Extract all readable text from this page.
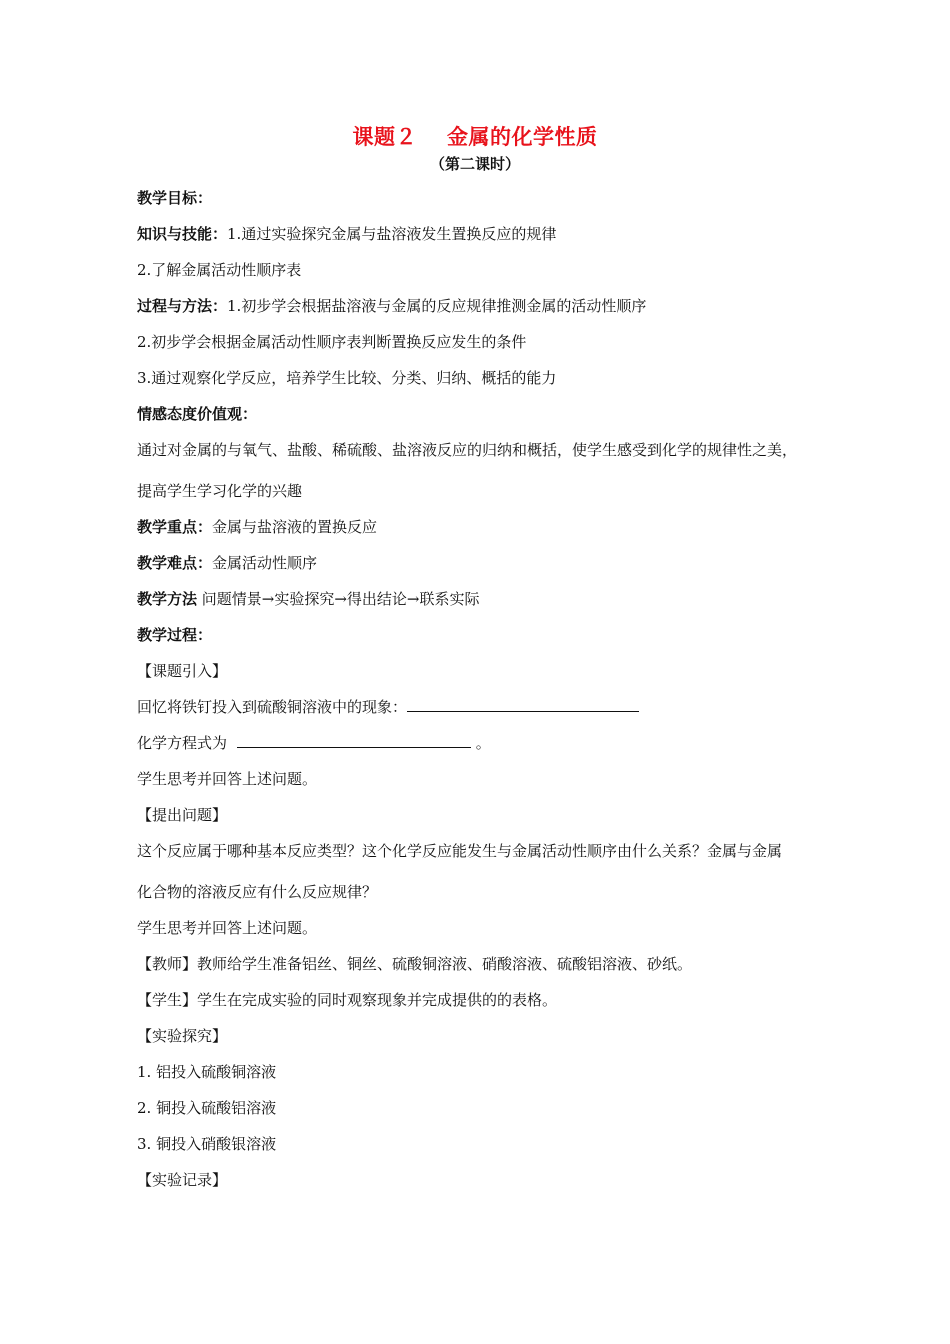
课题２ 金属的化学性质
（第二课时）
教学目标：
知识与技能：1.通过实验探究金属与盐溶液发生置换反应的规律
2.了解金属活动性顺序表
过程与方法：1.初步学会根据盐溶液与金属的反应规律推测金属的活动性顺序
2.初步学会根据金属活动性顺序表判断置换反应发生的条件
3.通过观察化学反应，培养学生比较、分类、归纳、概括的能力
情感态度价值观：
通过对金属的与氧气、盐酸、稀硫酸、盐溶液反应的归纳和概括，使学生感受到化学的规律性之美，
提高学生学习化学的兴趣
教学重点：金属与盐溶液的置换反应
教学难点：金属活动性顺序
教学方法 问题情景→实验探究→得出结论→联系实际
教学过程：
【课题引入】
回忆将铁钉投入到硫酸铜溶液中的现象：
化学方程式为	。
学生思考并回答上述问题。
【提出问题】
这个反应属于哪种基本反应类型？这个化学反应能发生与金属活动性顺序由什么关系？金属与金属
化合物的溶液反应有什么反应规律？
学生思考并回答上述问题。
【教师】教师给学生准备铝丝、铜丝、硫酸铜溶液、硝酸溶液、硫酸铝溶液、砂纸。
【学生】学生在完成实验的同时观察现象并完成提供的的表格。
【实验探究】
1. 铝投入硫酸铜溶液
2. 铜投入硫酸铝溶液
3. 铜投入硝酸银溶液
【实验记录】
